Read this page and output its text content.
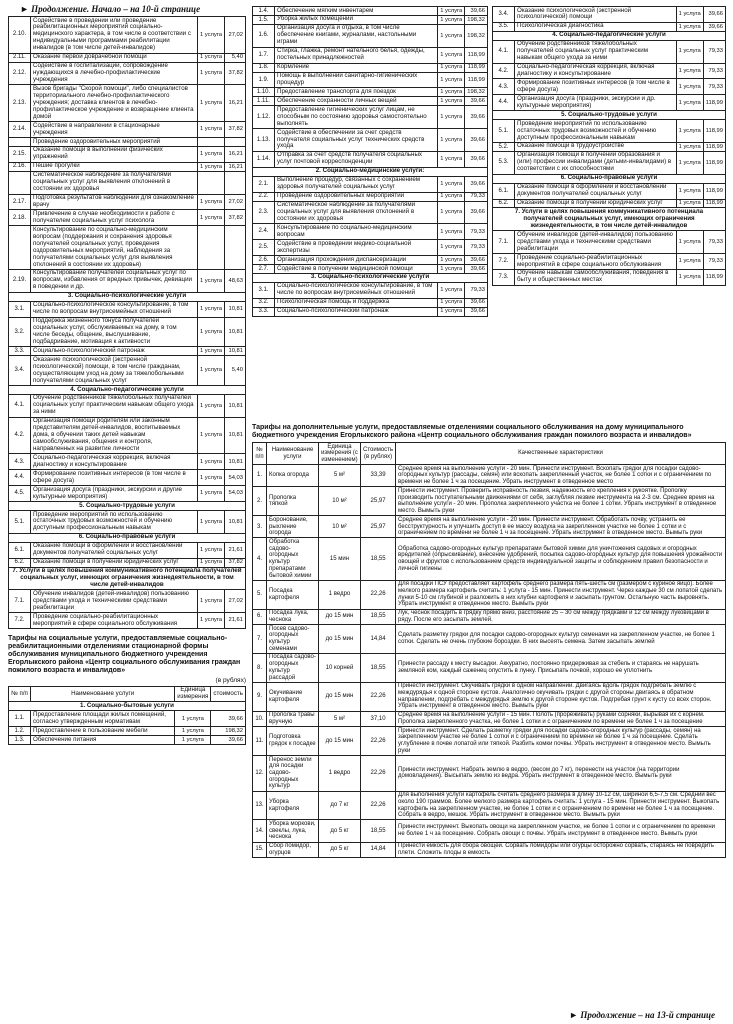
► Продолжение. Начало – на 10-й странице
2.10.	Содействие в проведении или проведение реабилитационных мероприятий социально-медицинского характера, в том числе в соответствии с индивидуальными программами реабилитации инвалидов (в том числе детей-инвалидов)	1 услуга	27,02
2.11.	Оказание первой доврачебной помощи	1 услуга	5,40
2.12.	Содействие в госпитализации, сопровождение нуждающихся в лечебно-профилактические учреждения	1 услуга	37,82
2.13.	Вызов бригады "Скорой помощи", либо специалистов территориального лечебно-профилактического учреждения; доставка клиентов в лечебно-профилактическое учреждение и возвращение клиента домой	1 услуга	16,21
2.14.	Содействие в направлении в стационарные учреждения	1 услуга	37,82
	Проведение оздоровительных мероприятий		
2.15.	Оказание помощи в выполнении физических упражнений	1 услуга	16,21
2.16.	Пешие прогулки	1 услуга	16,21
	Систематическое наблюдение за получателями социальных услуг для выявления отклонений в состоянии их здоровья		
2.17.	Подготовка результатов наблюдений для ознакомление врачу	1 услуга	27,02
2.18.	Привлечение в случае необходимости к работе с получателем социальных услуг психолога	1 услуга	37,82
	Консультирование по социально-медицинским вопросам (поддержания и сохранения здоровья получателей социальных услуг, проведения оздоровительных мероприятий, наблюдения за получателями социальных услуг для выявления отклонений в состоянии их здоровья)		
2.19.	Консультирование получателей социальных услуг по вопросам, избавления от вредных привычек, девиации в поведении и др.	1 услуга	48,63
3. Социально-психологические услуги			
3.1.	Социально-психологическое консультирование, в том числе по вопросам внутрисемейных отношений	1 услуга	10,81
3.2.	Поддержка жизненного тонуса получателей социальных услуг, обслуживаемых на дому, в том числе беседы, общение, выслушивание, подбадривание, мотивация к активности	1 услуга	10,81
3.3.	Социально-психологический патронаж	1 услуга	10,81
3.4.	Оказание психологической (экстренной психологической) помощи, в том числе гражданам, осуществляющим уход на дому за тяжелобольными получателями социальных услуг	1 услуга	5,40
4. Социально-педагогические услуги			
4.1.	Обучение родственников тяжелобольных получателей социальных услуг практическим навыкам общего ухода за ними	1 услуга	10,81
4.2.	Организация помощи родителям или законным представителям детей-инвалидов, воспитываемых дома, в обучении таких детей навыкам самообслуживания, общения и контроля, направленных на развитие личности	1 услуга	10,81
4.3.	Социально-педагогическая коррекция, включая диагностику и консультирование	1 услуга	10,81
4.4.	Формирование позитивных интересов (в том числе в сфере досуга)	1 услуга	54,03
4.5.	Организация досуга (праздники, экскурсии и другие культурные мероприятия)	1 услуга	54,03
5. Социально-трудовые услуги			
5.1.	Проведение мероприятий по использованию остаточных трудовых возможностей и обучению доступным профессиональным навыкам	1 услуга	10,81
6. Социально-правовые услуги			
6.1.	Оказание помощи в оформлении и восстановлении документов получателей социальных услуг	1 услуга	21,61
6.2.	Оказание помощи в получении юридических услуг	1 услуга	37,82
7. Услуги в целях повышения коммуникативного потенциала получателей социальных услуг, имеющих ограничения жизнедеятельности, в том числе детей-инвалидов			
7.1.	Обучение инвалидов (детей-инвалидов) пользованию средствами ухода и техническими средствами реабилитации	1 услуга	27,02
7.2.	Проведение социально-реабилитационных мероприятий в сфере социального обслуживания	1 услуга	21,61
Тарифы на социальные услуги, предоставляемые социально-реабилитационными отделениями стационарной формы обслуживания муниципального бюджетного учреждения Егорлыкского района «Центр социального обслуживания граждан пожилого возраста и инвалидов»
(в рублях)
№ п/п	Наименование услуги	Единица измерения	стоимость
1. Социально-бытовые услуги			
1.1.	Предоставление площади жилых помещений, согласно утвержденным нормативам	1 услуга	39,66
1.2.	Предоставление в пользование мебели	1 услуга	198,32
1.3.	Обеспечение питания	1 услуга	39,66
1.4.	Обеспечение мягким инвентарем	1 услуга	39,66
1.5.	Уборка жилых помещений	1 услуга	198,32
1.6.	Организация досуга и отдыха, в том числе обеспечение книгами, журналами, настольными играми	1 услуга	198,32
1.7.	Стирка, глажка, ремонт нательного белья, одежды, постельных принадлежностей	1 услуга	118,99
1.8.	Кормление	1 услуга	118,99
1.9.	Помощь в выполнении санитарно-гигиенических процедур	1 услуга	118,99
1.10.	Предоставление транспорта для поездок	1 услуга	198,32
1.11.	Обеспечение сохранности личных вещей	1 услуга	39,66
1.12.	Предоставление гигиенических услуг лицам, не способным по состоянию здоровья самостоятельно выполнять	1 услуга	39,66
1.13.	Содействие в обеспечении за счет средств получателя социальных услуг технических средств ухода	1 услуга	39,66
1.14.	Отправка за счет средств получателя социальных услуг почтовой корреспонденции	1 услуга	39,66
2. Социально-медицинские услуги:			
2.1.	Выполнение процедур, связанных с сохранением здоровья получателей социальных услуг	1 услуга	39,66
2.2.	Проведение оздоровительных мероприятий	1 услуга	79,33
2.3.	Систематическое наблюдение за получателями социальных услуг для выявления отклонений в состоянии их здоровья	1 услуга	39,66
2.4.	Консультирование по социально-медицинским вопросам	1 услуга	79,33
2.5.	Содействие в проведении медико-социальной экспертизы	1 услуга	79,33
2.6.	Организация прохождения диспансеризации	1 услуга	39,66
2.7.	Содействие в получении медицинской помощи	1 услуга	39,66
3. Социально-психологические услуги			
3.1.	Социально-психологическое консультирование, в том числе по вопросам внутрисемейных отношений	1 услуга	79,33
3.2.	Психологическая помощь и поддержка	1 услуга	39,66
3.3.	Социально-психологический патронаж	1 услуга	39,66
3.4.	Оказание психологической (экстренной психологической) помощи	1 услуга	39,66
3.5.	Психологическая диагностика	1 услуга	39,66
4. Социально-педагогические услуги			
4.1.	Обучение родственников тяжелобольных получателей социальных услуг практическим навыкам общего ухода за ними	1 услуга	79,33
4.2.	Социально-педагогическая коррекция, включая диагностику и консультирование	1 услуга	79,33
4.3.	Формирование позитивных интересов (в том числе в сфере досуга)	1 услуга	79,33
4.4.	Организация досуга (праздники, экскурсии и др. культурные мероприятия)	1 услуга	118,99
5. Социально-трудовые услуги			
5.1.	Проведение мероприятий по использованию остаточных трудовых возможностей и обучению доступным профессиональным навыкам	1 услуга	118,99
5.2.	Оказание помощи в трудоустройстве	1 услуга	118,99
5.3.	Организация помощи в получении образования и (или) профессии инвалидами (детьми-инвалидами) в соответствии с их способностями	1 услуга	118,99
6. Социально-правовые услуги			
6.1.	Оказание помощи в оформлении и восстановлении документов получателей социальных услуг	1 услуга	118,99
6.2.	Оказание помощи в получении юридических услуг	1 услуга	118,99
7. Услуги в целях повышения коммуникативного потенциала получателей социальных услуг, имеющих ограничения жизнедеятельности, в том числе детей-инвалидов			
7.1.	Обучение инвалидов (детей-инвалидов) пользованию средствами ухода и техническими средствами реабилитации	1 услуга	79,33
7.2.	Проведение социально-реабилитационных мероприятий в сфере социального обслуживания	1 услуга	79,33
7.3.	Обучение навыкам самообслуживания, поведения в быту и общественных местах	1 услуга	118,99
Тарифы на дополнительные услуги, предоставляемые отделениями социального обслуживания на дому муниципального бюджетного учреждения Егорлыкского района «Центр социального обслуживания граждан пожилого возраста и инвалидов»
№ п/п	Наименование услуги	Единица измерения (с изменением)	Стоимость (в рублях)	Качественные характеристики
1.	Копка огорода	5 м²	33,39	Среднее время на выполнение услуги - 20 мин. Принести инструмент. Вскопать грядки для посадки садово-огородных культур (рассады, семян) или вскопать закрепленный участок, не более 1 сотки и с ограничением по времени не более 1 ч за посещение. Убрать инструмент в отведенное место
2.	Прополка тяпкой	10 м²	25,97	Принести инструмент. Проверить исправность лезвия, надежность его крепления к рукоятке. Прополку производить поступательными движениями от себя, заглубляя лезвие инструмента на 2-3 см. Среднее время на выполнение услуги - 20 мин. Прополка закрепленного участка не более 1 сотки. Убрать инструмент в отведенное место. Вымыть руки
3.	Боронование, рыхление огорода	10 м²	25,97	Среднее время на выполнение услуги - 20 мин. Принести инструмент. Обработать почву, устранить ее бесструктурность и улучшить доступ в ее массу воздуха на закрепленном участке не более 1 сотки и с ограничением по времени не более 1 ч за посещение. Убрать инструмент в отведенное место. Вымыть руки
4.	Обработка садово-огородных культур препаратами бытовой химии	15 мин	18,55	Обработка садово-огородных культур препаратами бытовой химии для уничтожения садовых и огородных вредителей (опрыскивание), внесение удобрений, посыпка садово-огородных культур для повышения урожайности овощей и фруктов с использованием средств индивидуальной защиты и соблюдением правил безопасности и личной гигиены
5.	Посадка картофеля	1 ведро	22,26	Для посадки ПСУ предоставляет картофель среднего размера пять-шесть см (размером с куриное яйцо). Более мелкого размера картофель считать: 1 услуга - 15 мин. Принести инструмент. Через каждые 30 см лопатой сделать лунки 5-10 см глубиной и разложить в них клубни картофеля и засыпать грунтом. Остальную часть выровнять. Убрать инструмент в отведенное место. Вымыть руки
6.	Посадка лука, чеснока	до 15 мин	18,55	Лук, чеснок посадить в грядку прямо вниз, расстояние 25 – 30 см между грядками и 12 см между луковицами в ряду. После его засыпать землей.
7.	Посев садово-огородных культур семенами	до 15 мин	14,84	Сделать разметку грядки для посадки садово-огородных культур семенами на закрепленном участке, не более 1 сотки. Сделать не очень глубокие бороздки. В них высеять семена. Затем засыпать землей
8.	Посадка садово-огородных культур рассадой	10 корней	18,55	Принести рассаду к месту высадки. Аккуратно, постоянно придерживая за стебель и стараясь не нарушать земляной ком, каждый саженец опустить в лунку. Присыпать почвой, хорошо ее уплотнить
9.	Окучивание картофеля	до 15 мин	22,26	Принести инструмент. Окучивать грядки в одном направлении. Двигаясь вдоль грядок подгребать землю с междурядья к одной стороне кустов. Аналогично окучивать грядки с другой стороны двигаясь в обратном направлении, подгребать с междурядья землю к другой стороне кустов. Подгребая грунт к кусту со всех сторон. Убрать инструмент в отведенное место. Вымыть руки
10.	Прополка травы вручную	5 м²	37,10	Среднее время на выполнение услуги - 15 мин. Полоть (прореживать) руками сорняки, вырывая их с корнем. Прополка закрепленного участка, не более 1 сотки и с ограничением по времени не более 1 ч за посещение
11.	Подготовка грядок к посадке	до 15 мин	22,26	Принести инструмент. Сделать разметку грядки для посадки садово-огородных культур (рассады, семян) на закрепленном участке не более 1 сотки и с ограничением по времени не более 1 ч за посещение. Сделать углубление в почве лопатой или тяпкой. Разбить комки почвы. Убрать инструмент в отведенное место. Вымыть руки
12.	Перенос земли для посадки садово-огородных культур	1 ведро	22,26	Принести инструмент. Набрать землю в ведро, (весом до 7 кг), перенести на участок (на территории домовладения). Высыпать землю из ведра. Убрать инструмент в отведенное место. Вымыть руки
13.	Уборка картофеля	до 7 кг	22,26	Для выполнения услуги картофель считать среднего размера в длину 10-12 см, шириной 6,5-7,5 см. Средний вес около 190 граммов. Более мелкого размера картофель считать: 1 услуга - 15 мин. Принести инструмент. Выкопать картофель на закрепленном участке, не более 1 сотки и с ограничением по времени не более 1 ч за посещение. Собрать в ведро, мешок. Убрать инструмент в отведенное место. Вымыть руки
14.	Уборка моркови, свеклы, лука, чеснока	до 5 кг	18,55	Принести инструмент. Выкопать овощи на закрепленном участке, не более 1 сотки и с ограничением по времени не более 1 ч за посещение. Собрать овощи с почвы. Убрать инструмент в отведенное место. Вымыть руки
15.	Сбор помидор, огурцов	до 5 кг	14,84	Принести емкость для сбора овощей. Сорвать помидоры или огурцы осторожно сорвать, стараясь не повредить плети. Сложить плоды в емкость
► Продолжение – на 13-й странице
